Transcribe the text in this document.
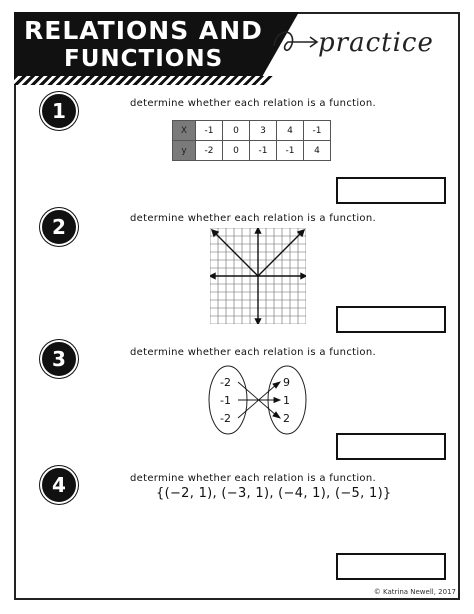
RELATIONS AND
FUNCTIONS
practice
1	determine whether each relation is a function.
X	-1	0	3	4	-1
y	-2	0	-1	-1	4
2	determine whether each relation is a function.
3	determine whether each relation is a function.
-2
-1
-2
9
1
2
4	determine whether each relation is a function.
{(−2, 1), (−3, 1), (−4, 1), (−5, 1)}
© Katrina Newell, 2017
